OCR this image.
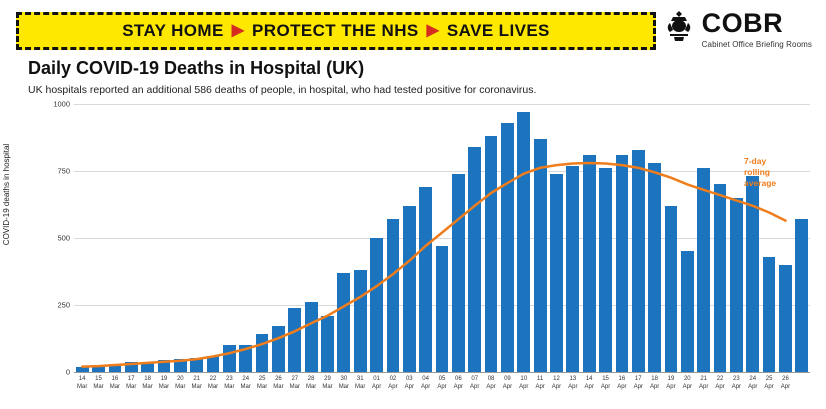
STAY HOME ▶ PROTECT THE NHS ▶ SAVE LIVES	COBR
Cabinet Office Briefing Rooms
Daily COVID-19 Deaths in Hospital (UK)
UK hospitals reported an additional 586 deaths of people, in hospital, who had tested positive for coronavirus.
COVID-19 deaths in hospital
0
250
500
750
1000
14
Mar
15
Mar
16
Mar
17
Mar
18
Mar
19
Mar
20
Mar
21
Mar
22
Mar
23
Mar
24
Mar
25
Mar
26
Mar
27
Mar
28
Mar
29
Mar
30
Mar
31
Mar
01
Apr
02
Apr
03
Apr
04
Apr
05
Apr
06
Apr
07
Apr
08
Apr
09
Apr
10
Apr
11
Apr
12
Apr
13
Apr
14
Apr
15
Apr
16
Apr
17
Apr
18
Apr
19
Apr
20
Apr
21
Apr
22
Apr
23
Apr
24
Apr
25
Apr
26
Apr
7-day
rolling
average
